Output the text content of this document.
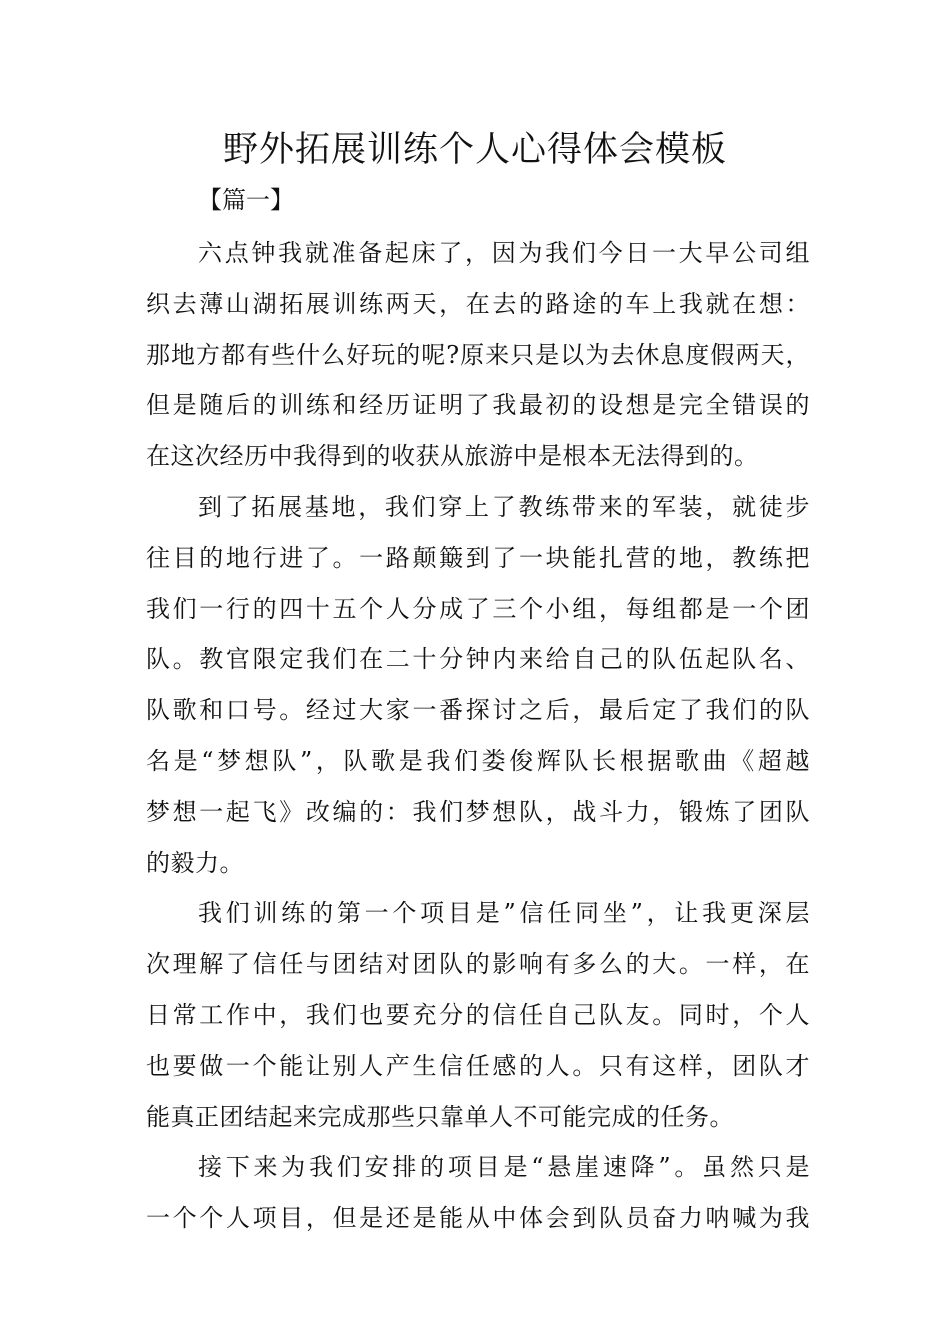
野外拓展训练个人心得体会模板
【篇一】
六点钟我就准备起床了，因为我们今日一大早公司组
织去薄山湖拓展训练两天，在去的路途的车上我就在想：
那地方都有些什么好玩的呢?原来只是以为去休息度假两天，
但是随后的训练和经历证明了我最初的设想是完全错误的
在这次经历中我得到的收获从旅游中是根本无法得到的。
到了拓展基地，我们穿上了教练带来的军装，就徒步
往目的地行进了。一路颠簸到了一块能扎营的地，教练把
我们一行的四十五个人分成了三个小组，每组都是一个团
队。教官限定我们在二十分钟内来给自己的队伍起队名、
队歌和口号。经过大家一番探讨之后，最后定了我们的队
名是“梦想队”，队歌是我们娄俊辉队长根据歌曲《超越
梦想一起飞》改编的：我们梦想队，战斗力，锻炼了团队
的毅力。
我们训练的第一个项目是”信任同坐”，让我更深层
次理解了信任与团结对团队的影响有多么的大。一样，在
日常工作中，我们也要充分的信任自己队友。同时，个人
也要做一个能让别人产生信任感的人。只有这样，团队才
能真正团结起来完成那些只靠单人不可能完成的任务。
接下来为我们安排的项目是“悬崖速降”。虽然只是
一个个人项目，但是还是能从中体会到队员奋力呐喊为我
